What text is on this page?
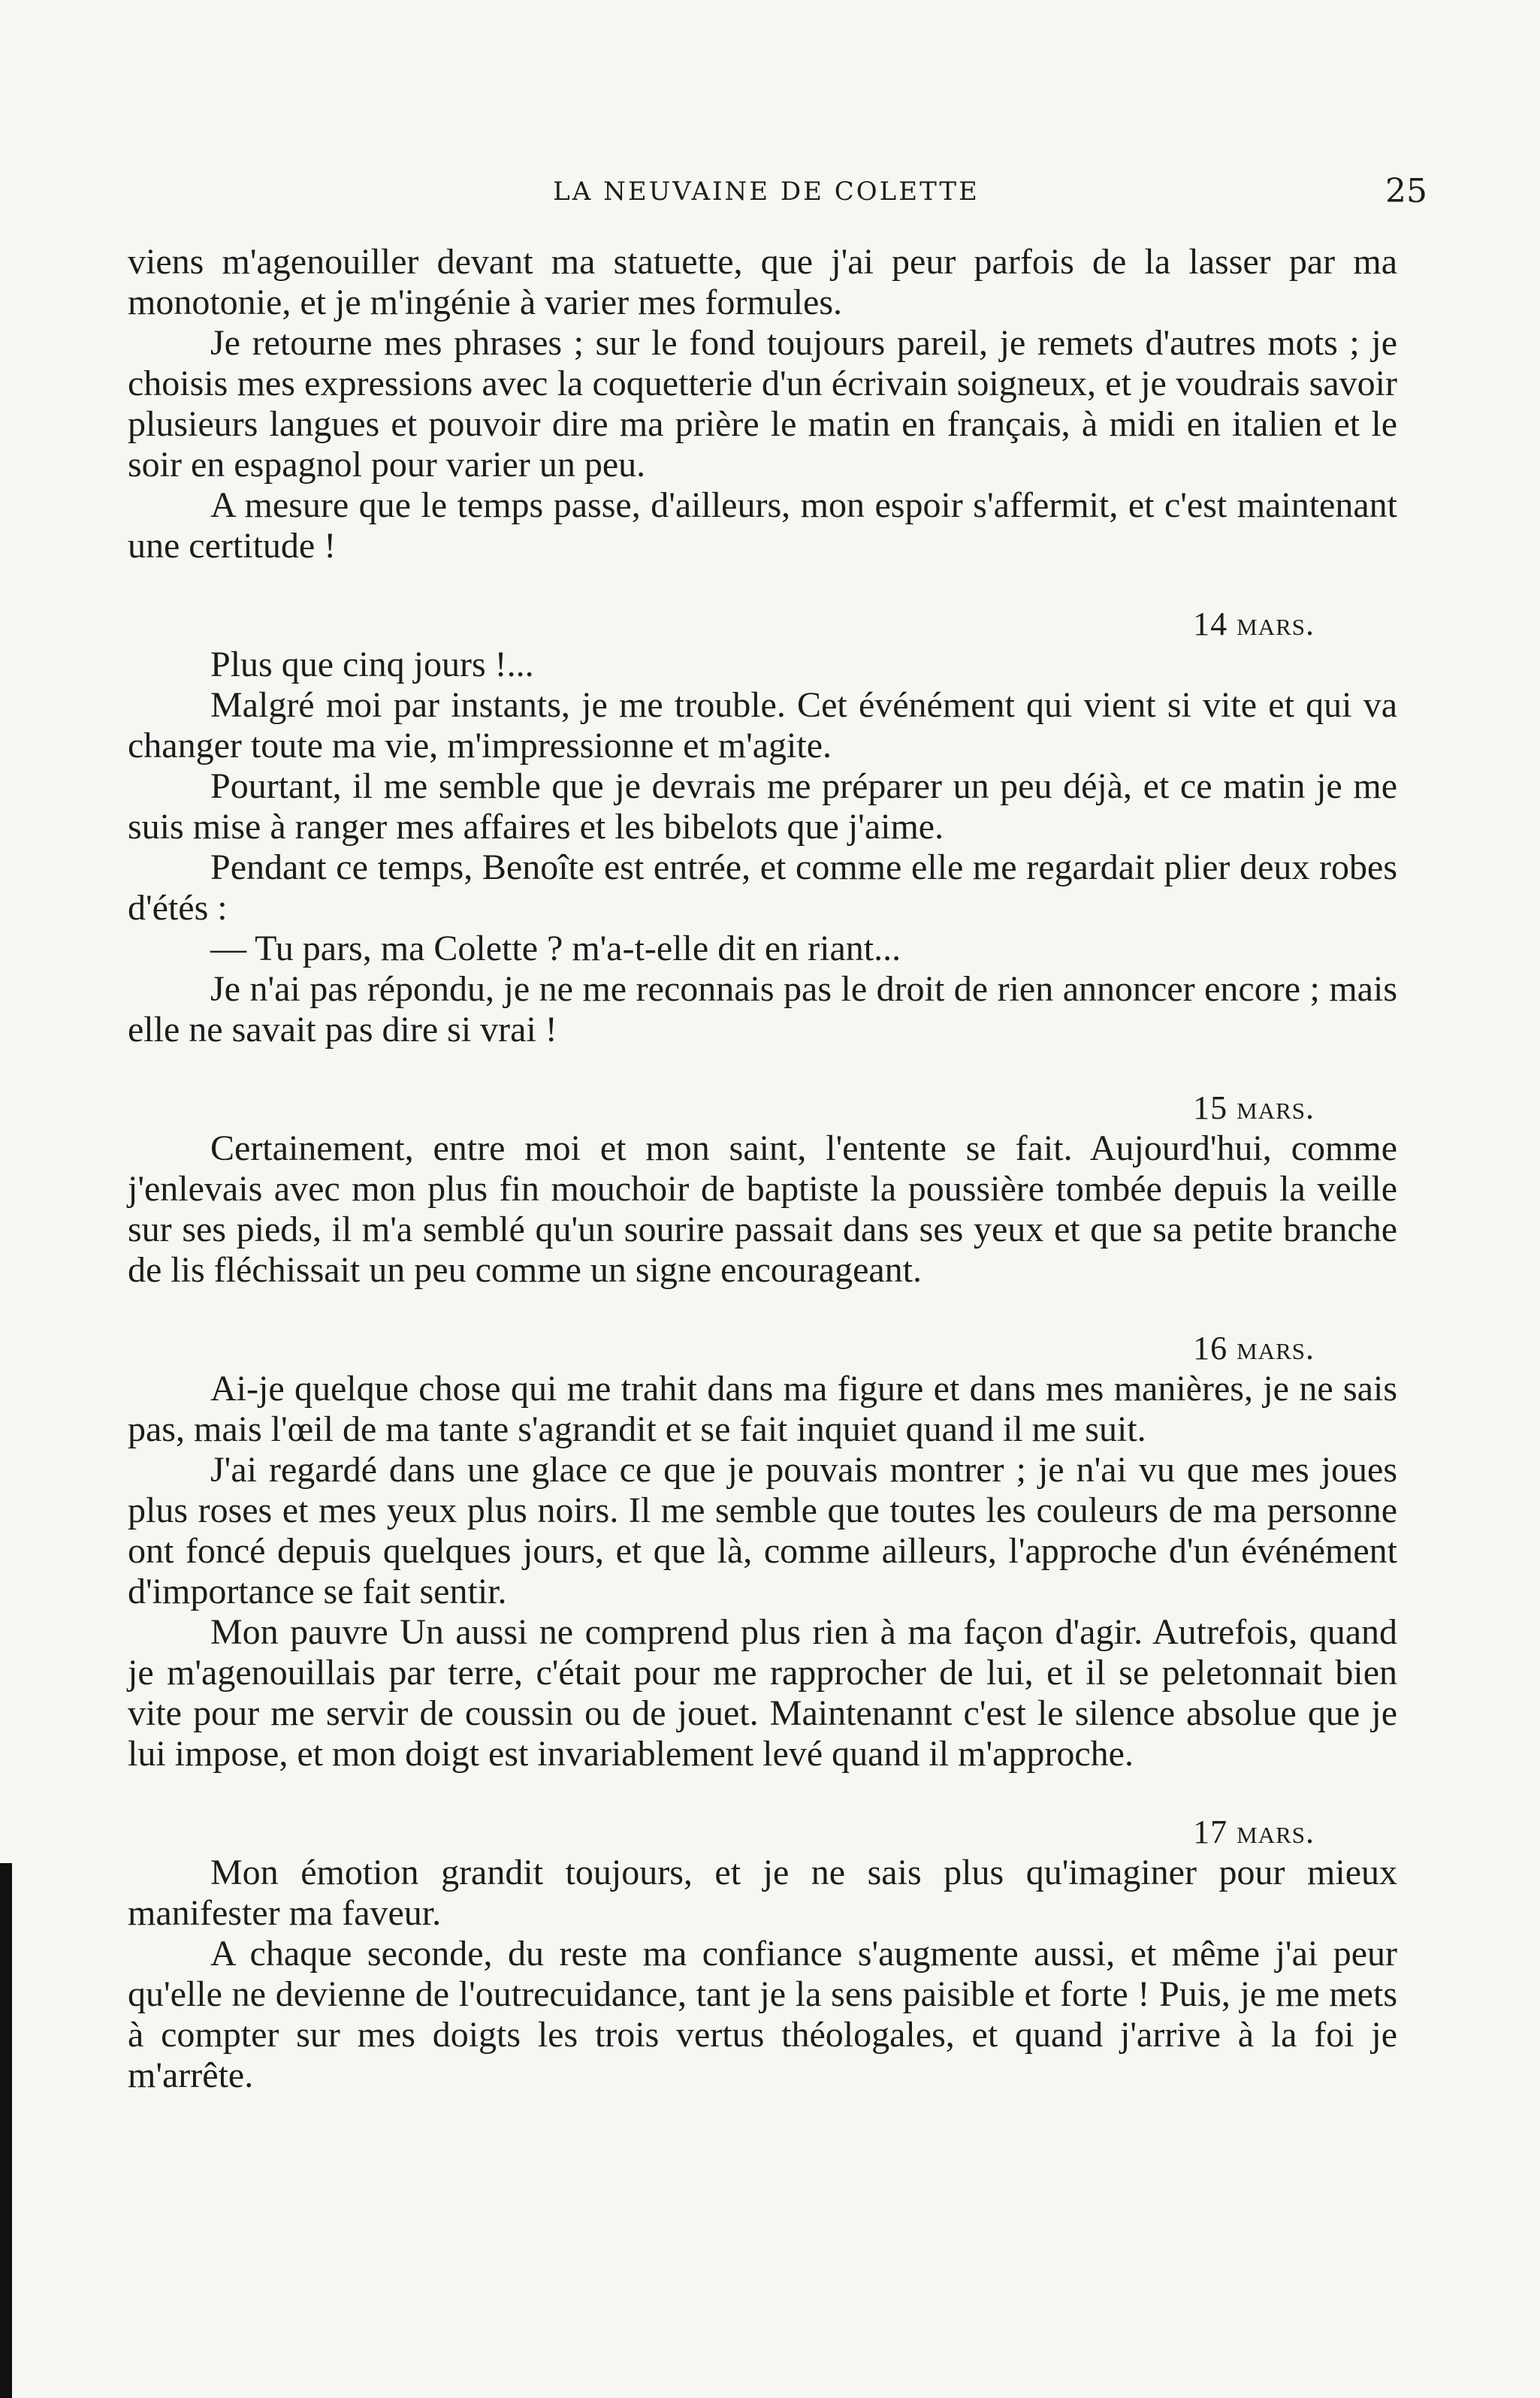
LA NEUVAINE DE COLETTE	25

viens m'agenouiller devant ma statuette, que j'ai peur parfois de la lasser par ma monotonie, et je m'ingénie à varier mes formules.

Je retourne mes phrases ; sur le fond toujours pareil, je remets d'autres mots ; je choisis mes expressions avec la coquetterie d'un écrivain soigneux, et je voudrais savoir plusieurs langues et pouvoir dire ma prière le matin en français, à midi en italien et le soir en espagnol pour varier un peu.

A mesure que le temps passe, d'ailleurs, mon espoir s'affermit, et c'est maintenant une certitude !

14 mars.

Plus que cinq jours !...

Malgré moi par instants, je me trouble. Cet événément qui vient si vite et qui va changer toute ma vie, m'impressionne et m'agite.

Pourtant, il me semble que je devrais me préparer un peu déjà, et ce matin je me suis mise à ranger mes affaires et les bibelots que j'aime.

Pendant ce temps, Benoîte est entrée, et comme elle me regardait plier deux robes d'étés :

— Tu pars, ma Colette ? m'a-t-elle dit en riant...

Je n'ai pas répondu, je ne me reconnais pas le droit de rien annoncer encore ; mais elle ne savait pas dire si vrai !

15 mars.

Certainement, entre moi et mon saint, l'entente se fait. Aujourd'hui, comme j'enlevais avec mon plus fin mouchoir de baptiste la poussière tombée depuis la veille sur ses pieds, il m'a semblé qu'un sourire passait dans ses yeux et que sa petite branche de lis fléchissait un peu comme un signe encourageant.

16 mars.

Ai-je quelque chose qui me trahit dans ma figure et dans mes manières, je ne sais pas, mais l'œil de ma tante s'agrandit et se fait inquiet quand il me suit.

J'ai regardé dans une glace ce que je pouvais montrer ; je n'ai vu que mes joues plus roses et mes yeux plus noirs. Il me semble que toutes les couleurs de ma personne ont foncé depuis quelques jours, et que là, comme ailleurs, l'approche d'un événément d'importance se fait sentir.

Mon pauvre Un aussi ne comprend plus rien à ma façon d'agir. Autrefois, quand je m'agenouillais par terre, c'était pour me rapprocher de lui, et il se peletonnait bien vite pour me servir de coussin ou de jouet. Maintenannt c'est le silence absolue que je lui impose, et mon doigt est invariablement levé quand il m'approche.

17 mars.

Mon émotion grandit toujours, et je ne sais plus qu'imaginer pour mieux manifester ma faveur.

A chaque seconde, du reste ma confiance s'augmente aussi, et même j'ai peur qu'elle ne devienne de l'outrecuidance, tant je la sens paisible et forte ! Puis, je me mets à compter sur mes doigts les trois vertus théologales, et quand j'arrive à la foi je m'arrête.
